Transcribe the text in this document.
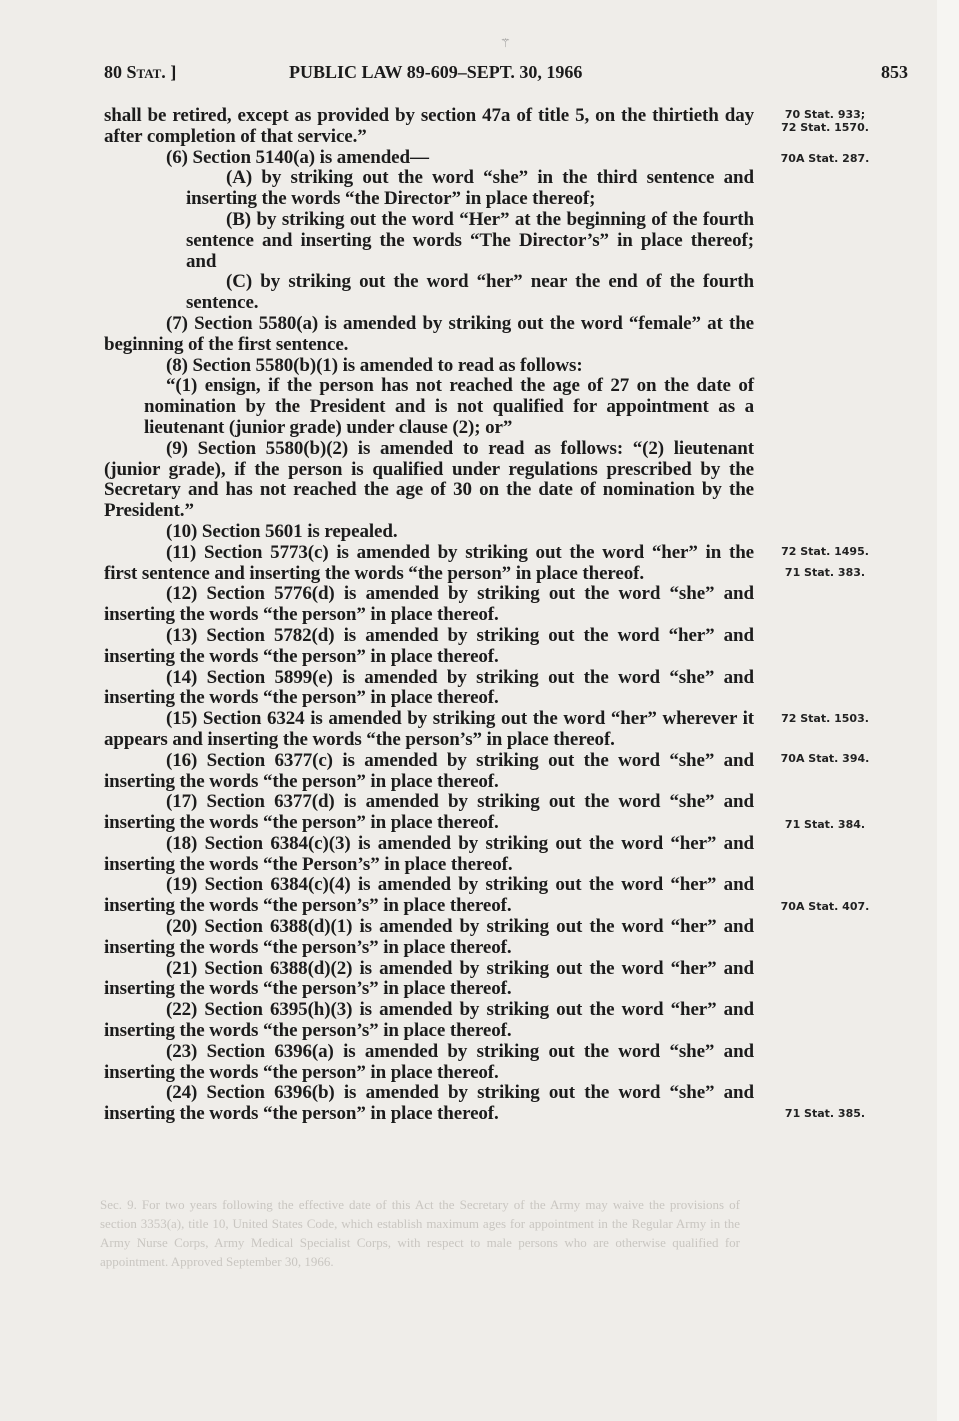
⚚
Sec. 9. For two years following the effective date of this Act the Secretary of the Army may waive the provisions of section 3353(a), title 10, United States Code, which establish maximum ages for appointment in the Regular Army in the Army Nurse Corps, Army Medical Specialist Corps, with respect to male persons who are otherwise qualified for appointment. Approved September 30, 1966.
80 Stat. ]	PUBLIC LAW 89-609–SEPT. 30, 1966	853

shall be retired, except as provided by section 47a of title 5, on the thirtieth day after completion of that service.”

(6) Section 5140(a) is amended—

(A) by striking out the word “she” in the third sentence and inserting the words “the Director” in place thereof;

(B) by striking out the word “Her” at the beginning of the fourth sentence and inserting the words “The Director’s” in place thereof; and

(C) by striking out the word “her” near the end of the fourth sentence.

(7) Section 5580(a) is amended by striking out the word “female” at the beginning of the first sentence.

(8) Section 5580(b)(1) is amended to read as follows:

“(1) ensign, if the person has not reached the age of 27 on the date of nomination by the President and is not qualified for appointment as a lieutenant (junior grade) under clause (2); or”

(9) Section 5580(b)(2) is amended to read as follows: “(2) lieutenant (junior grade), if the person is qualified under regulations prescribed by the Secretary and has not reached the age of 30 on the date of nomination by the President.”

(10) Section 5601 is repealed.

(11) Section 5773(c) is amended by striking out the word “her” in the first sentence and inserting the words “the person” in place thereof.

(12) Section 5776(d) is amended by striking out the word “she” and inserting the words “the person” in place thereof.

(13) Section 5782(d) is amended by striking out the word “her” and inserting the words “the person” in place thereof.

(14) Section 5899(e) is amended by striking out the word “she” and inserting the words “the person” in place thereof.

(15) Section 6324 is amended by striking out the word “her” wherever it appears and inserting the words “the person’s” in place thereof.

(16) Section 6377(c) is amended by striking out the word “she” and inserting the words “the person” in place thereof.

(17) Section 6377(d) is amended by striking out the word “she” and inserting the words “the person” in place thereof.

(18) Section 6384(c)(3) is amended by striking out the word “her” and inserting the words “the Person’s” in place thereof.

(19) Section 6384(c)(4) is amended by striking out the word “her” and inserting the words “the person’s” in place thereof.

(20) Section 6388(d)(1) is amended by striking out the word “her” and inserting the words “the person’s” in place thereof.

(21) Section 6388(d)(2) is amended by striking out the word “her” and inserting the words “the person’s” in place thereof.

(22) Section 6395(h)(3) is amended by striking out the word “her” and inserting the words “the person’s” in place thereof.

(23) Section 6396(a) is amended by striking out the word “she” and inserting the words “the person” in place thereof.

(24) Section 6396(b) is amended by striking out the word “she” and inserting the words “the person” in place thereof.

70 Stat. 933;
72 Stat. 1570.
70A Stat. 287.
72 Stat. 1495.
71 Stat. 383.
72 Stat. 1503.
70A Stat. 394.
71 Stat. 384.
70A Stat. 407.
71 Stat. 385.
